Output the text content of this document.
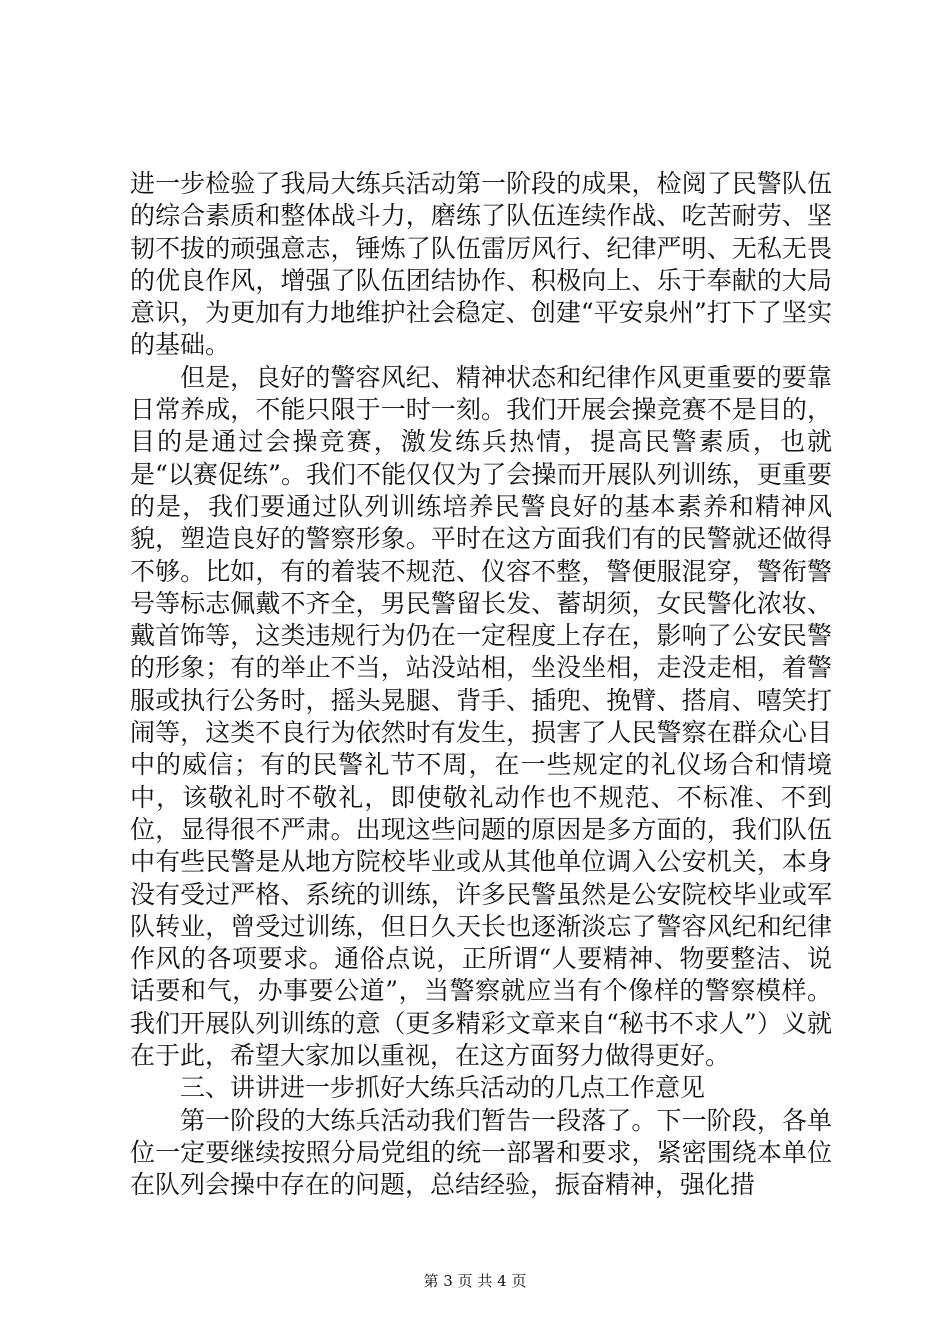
进一步检验了我局大练兵活动第一阶段的成果，检阅了民警队伍的综合素质和整体战斗力，磨练了队伍连续作战、吃苦耐劳、坚韧不拔的顽强意志，锤炼了队伍雷厉风行、纪律严明、无私无畏的优良作风，增强了队伍团结协作、积极向上、乐于奉献的大局意识，为更加有力地维护社会稳定、创建“平安泉州”打下了坚实的基础。

但是，良好的警容风纪、精神状态和纪律作风更重要的要靠日常养成，不能只限于一时一刻。我们开展会操竞赛不是目的，目的是通过会操竞赛，激发练兵热情，提高民警素质，也就是“以赛促练”。我们不能仅仅为了会操而开展队列训练，更重要的是，我们要通过队列训练培养民警良好的基本素养和精神风貌，塑造良好的警察形象。平时在这方面我们有的民警就还做得不够。比如，有的着装不规范、仪容不整，警便服混穿，警衔警号等标志佩戴不齐全，男民警留长发、蓄胡须，女民警化浓妆、戴首饰等，这类违规行为仍在一定程度上存在，影响了公安民警的形象；有的举止不当，站没站相，坐没坐相，走没走相，着警服或执行公务时，摇头晃腿、背手、插兜、挽臂、搭肩、嘻笑打闹等，这类不良行为依然时有发生，损害了人民警察在群众心目中的威信；有的民警礼节不周，在一些规定的礼仪场合和情境中，该敬礼时不敬礼，即使敬礼动作也不规范、不标准、不到位，显得很不严肃。出现这些问题的原因是多方面的，我们队伍中有些民警是从地方院校毕业或从其他单位调入公安机关，本身没有受过严格、系统的训练，许多民警虽然是公安院校毕业或军队转业，曾受过训练，但日久天长也逐渐淡忘了警容风纪和纪律作风的各项要求。通俗点说，正所谓“人要精神、物要整洁、说话要和气，办事要公道”，当警察就应当有个像样的警察模样。我们开展队列训练的意（更多精彩文章来自“秘书不求人”）义就在于此，希望大家加以重视，在这方面努力做得更好。

三、讲讲进一步抓好大练兵活动的几点工作意见

第一阶段的大练兵活动我们暂告一段落了。下一阶段，各单位一定要继续按照分局党组的统一部署和要求，紧密围绕本单位在队列会操中存在的问题，总结经验，振奋精神，强化措

第 3 页 共 4 页
